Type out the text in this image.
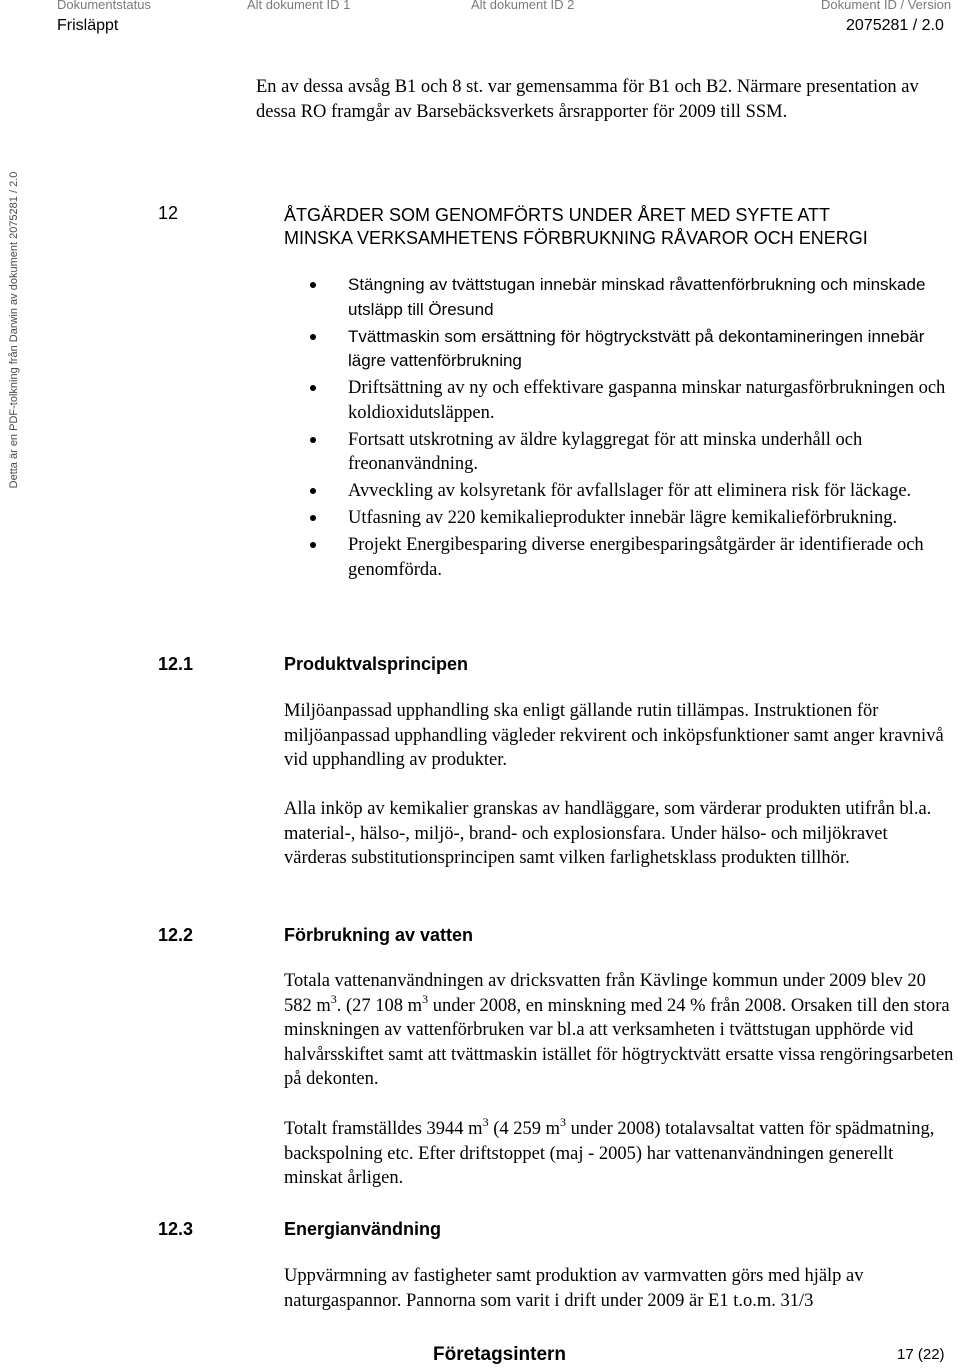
Dokumentstatus	Alt dokument ID 1	Alt dokument ID 2	Dokument ID / Version
Frisläppt	2075281 / 2.0
Detta är en PDF-tolkning från Darwin av dokument 2075281 / 2.0
En av dessa avsåg B1 och 8 st. var gemensamma för B1 och B2. Närmare presentation av dessa RO framgår av Barsebäcksverkets årsrapporter för 2009 till SSM.
12	ÅTGÄRDER SOM GENOMFÖRTS UNDER ÅRET MED SYFTE ATT
MINSKA VERKSAMHETENS FÖRBRUKNING RÅVAROR OCH ENERGI
Stängning av tvättstugan innebär minskad råvattenförbrukning och minskade utsläpp till Öresund
Tvättmaskin som ersättning för högtryckstvätt på dekontamineringen innebär lägre vattenförbrukning
Driftsättning av ny och effektivare gaspanna minskar naturgasförbrukningen och koldioxidutsläppen.
Fortsatt utskrotning av äldre kylaggregat för att minska underhåll och freonanvändning.
Avveckling av kolsyretank för avfallslager för att eliminera risk för läckage.
Utfasning av 220 kemikalieprodukter innebär lägre kemikalieförbrukning.
Projekt Energibesparing diverse energibesparingsåtgärder är identifierade och genomförda.
12.1	Produktvalsprincipen
Miljöanpassad upphandling ska enligt gällande rutin tillämpas. Instruktionen för miljöanpassad upphandling vägleder rekvirent och inköpsfunktioner samt anger kravnivå vid upphandling av produkter.
Alla inköp av kemikalier granskas av handläggare, som värderar produkten utifrån bl.a. material-, hälso-, miljö-, brand- och explosionsfara. Under hälso- och miljökravet värderas substitutionsprincipen samt vilken farlighetsklass produkten tillhör.
12.2	Förbrukning av vatten
Totala vattenanvändningen av dricksvatten från Kävlinge kommun under 2009 blev 20 582 $m^3$. (27 108 $m^3$ under 2008, en minskning med 24 % från 2008. Orsaken till den stora minskningen av vattenförbruken var bl.a att verksamheten i tvättstugan upphörde vid halvårsskiftet samt att tvättmaskin istället för högtrycktvätt ersatte vissa rengöringsarbeten på dekonten.
Totalt framställdes 3944 $m^3$ (4 259 $m^3$ under 2008) totalavsaltat vatten för spädmatning, backspolning etc. Efter driftstoppet (maj - 2005) har vattenanvändningen generellt minskat årligen.
12.3	Energianvändning
Uppvärmning av fastigheter samt produktion av varmvatten görs med hjälp av naturgaspannor. Pannorna som varit i drift under 2009 är E1 t.o.m. 31/3
Företagsintern	17 (22)
